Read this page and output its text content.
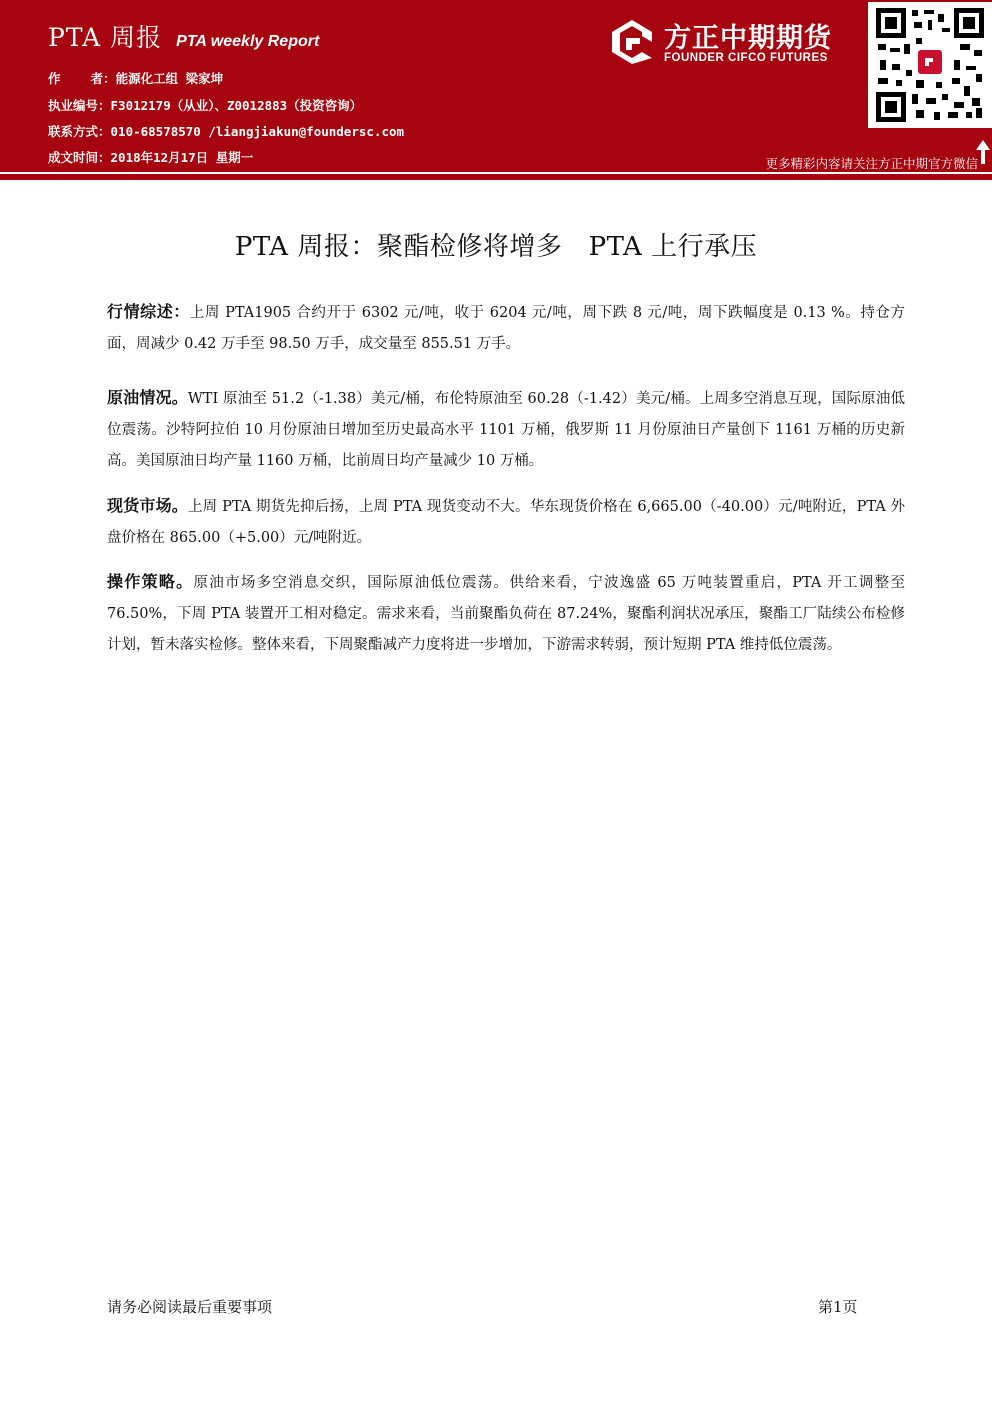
PTA 周报 PTA weekly Report
作    者：能源化工组 梁家坤
执业编号：F3012179（从业）、Z0012883（投资咨询）
联系方式：010-68578570 /liangjiakun@foundersc.com
成文时间：2018年12月17日 星期一
方正中期期货
FOUNDER CIFCO FUTURES
更多精彩内容请关注方正中期官方微信
PTA 周报：聚酯检修将增多   PTA 上行承压
行情综述：上周 PTA1905 合约开于 6302 元/吨，收于 6204 元/吨，周下跌 8 元/吨，周下跌幅度是 0.13 %。持仓方面，周减少 0.42 万手至 98.50 万手，成交量至 855.51 万手。
原油情况。WTI 原油至 51.2（-1.38）美元/桶，布伦特原油至 60.28（-1.42）美元/桶。上周多空消息互现，国际原油低位震荡。沙特阿拉伯 10 月份原油日增加至历史最高水平 1101 万桶，俄罗斯 11 月份原油日产量创下 1161 万桶的历史新高。美国原油日均产量 1160 万桶，比前周日均产量减少 10 万桶。
现货市场。上周 PTA 期货先抑后扬，上周 PTA 现货变动不大。华东现货价格在 6,665.00（-40.00）元/吨附近，PTA 外盘价格在 865.00（+5.00）元/吨附近。
操作策略。原油市场多空消息交织，国际原油低位震荡。供给来看，宁波逸盛 65 万吨装置重启，PTA 开工调整至 76.50%，下周 PTA 装置开工相对稳定。需求来看，当前聚酯负荷在 87.24%，聚酯利润状况承压，聚酯工厂陆续公布检修计划，暂未落实检修。整体来看，下周聚酯减产力度将进一步增加，下游需求转弱，预计短期 PTA 维持低位震荡。
请务必阅读最后重要事项	第1页
